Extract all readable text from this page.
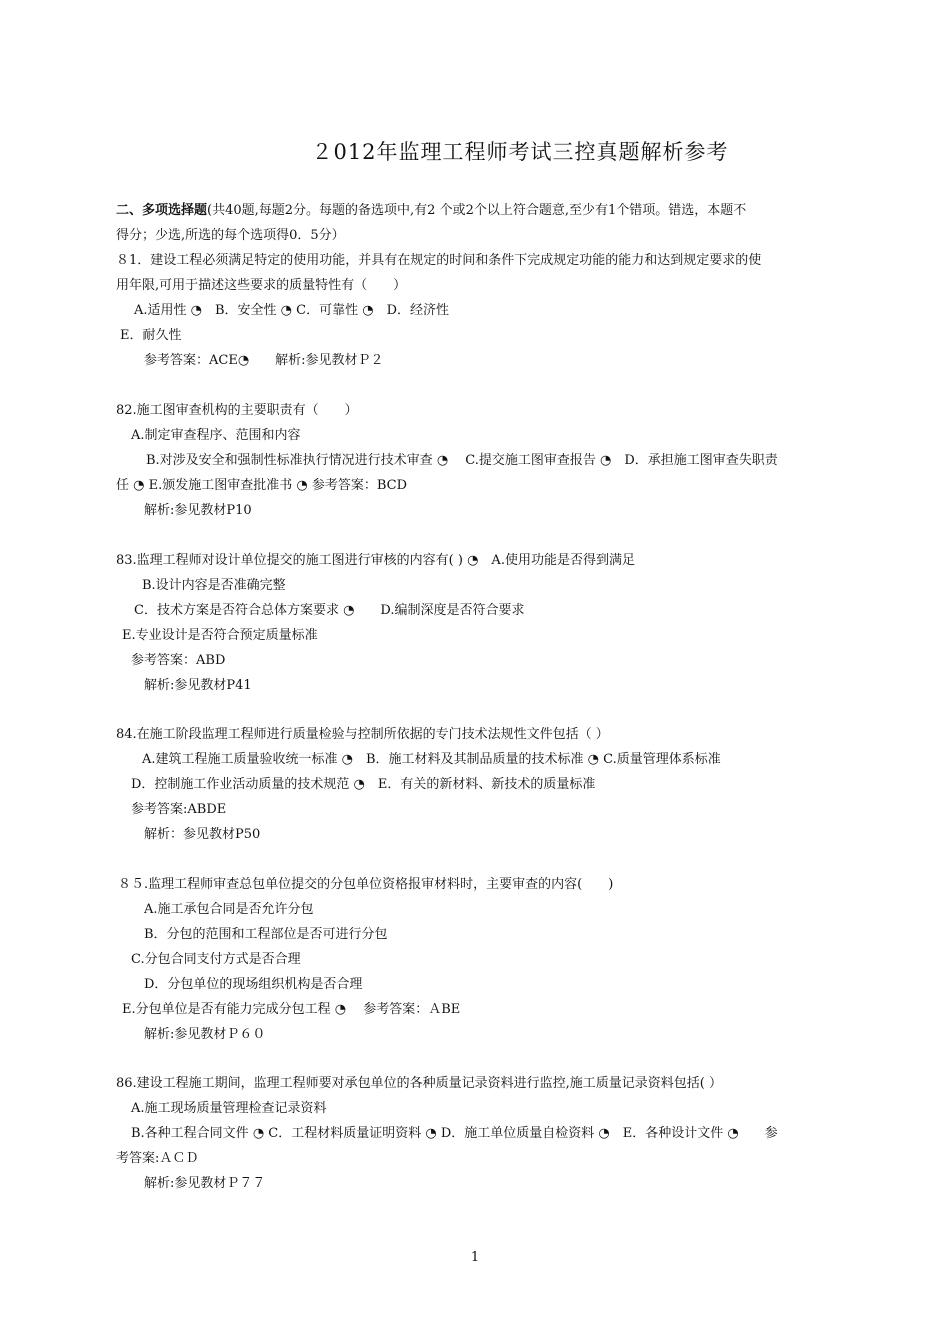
２012年监理工程师考试三控真题解析参考
二、多项选择题(共40题,每题2分。每题的备选项中,有2 个或2个以上符合题意,至少有1个错项。错选，本题不
得分；少选,所选的每个选项得0．5分）
８1．建设工程必须满足特定的使用功能，并具有在规定的时间和条件下完成规定功能的能力和达到规定要求的使
用年限,可用于描述这些要求的质量特性有（　　）
A.适用性 ◔　B．安全性 ◔ C．可靠性 ◔　D．经济性
E．耐久性
参考答案：ACE◔　　解析:参见教材Ｐ２
82.施工图审查机构的主要职责有（　　）
A.制定审查程序、范围和内容
B.对涉及安全和强制性标准执行情况进行技术审查 ◔　 C.提交施工图审查报告 ◔　D．承担施工图审查失职责
任 ◔ E.颁发施工图审查批准书 ◔ 参考答案：BCD
解析:参见教材P10
83.监理工程师对设计单位提交的施工图进行审核的内容有( ) ◔　A.使用功能是否得到满足
B.设计内容是否准确完整
C．技术方案是否符合总体方案要求 ◔　　D.编制深度是否符合要求
E.专业设计是否符合预定质量标准
参考答案：ABD
解析:参见教材P41
84.在施工阶段监理工程师进行质量检验与控制所依据的专门技术法规性文件包括（ ）
A.建筑工程施工质量验收统一标准 ◔　B．施工材料及其制品质量的技术标准 ◔ C.质量管理体系标准
D．控制施工作业活动质量的技术规范 ◔　E．有关的新材料、新技术的质量标准
参考答案:ABDE
解析：参见教材P50
８５.监理工程师审查总包单位提交的分包单位资格报审材料时，主要审查的内容(　　)
A.施工承包合同是否允许分包
B．分包的范围和工程部位是否可进行分包
C.分包合同支付方式是否合理
D．分包单位的现场组织机构是否合理
E.分包单位是否有能力完成分包工程 ◔　 参考答案：ＡBE
解析:参见教材Ｐ６０
86.建设工程施工期间，监理工程师要对承包单位的各种质量记录资料进行监控,施工质量记录资料包括( ）
A.施工现场质量管理检查记录资料
B.各种工程合同文件 ◔ C．工程材料质量证明资料 ◔ D．施工单位质量自检资料 ◔　E．各种设计文件 ◔　　参
考答案:ＡＣＤ
解析:参见教材Ｐ７７
1
